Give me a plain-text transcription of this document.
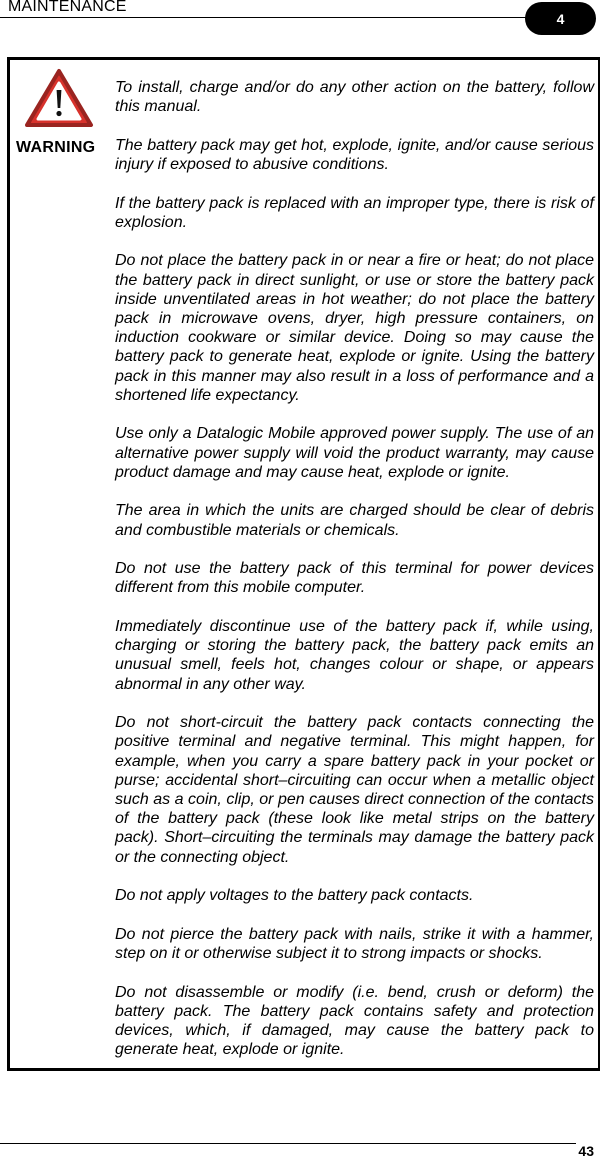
MAINTENANCE
4
WARNING

To install, charge and/or do any other action on the battery, follow this manual.

The battery pack may get hot, explode, ignite, and/or cause serious injury if exposed to abusive conditions.

If the battery pack is replaced with an improper type, there is risk of explosion.

Do not place the battery pack in or near a fire or heat; do not place the battery pack in direct sunlight, or use or store the battery pack inside unventilated areas in hot weather; do not place the battery pack in microwave ovens, dryer, high pressure containers, on induction cookware or similar device. Doing so may cause the battery pack to generate heat, explode or ignite. Using the battery pack in this manner may also result in a loss of performance and a shortened life expectancy.

Use only a Datalogic Mobile approved power supply. The use of an alternative power supply will void the product warranty, may cause product damage and may cause heat, explode or ignite.

The area in which the units are charged should be clear of debris and combustible materials or chemicals.

Do not use the battery pack of this terminal for power devices different from this mobile computer.

Immediately discontinue use of the battery pack if, while using, charging or storing the battery pack, the battery pack emits an unusual smell, feels hot, changes colour or shape, or appears abnormal in any other way.

Do not short-circuit the battery pack contacts connecting the positive terminal and negative terminal. This might happen, for example, when you carry a spare battery pack in your pocket or purse; accidental short–circuiting can occur when a metallic object such as a coin, clip, or pen causes direct connection of the contacts of the battery pack (these look like metal strips on the battery pack). Short–circuiting the terminals may damage the battery pack or the connecting object.

Do not apply voltages to the battery pack contacts.

Do not pierce the battery pack with nails, strike it with a hammer, step on it or otherwise subject it to strong impacts or shocks.

Do not disassemble or modify (i.e. bend, crush or deform) the battery pack. The battery pack contains safety and protection devices, which, if damaged, may cause the battery pack to generate heat, explode or ignite.

43
